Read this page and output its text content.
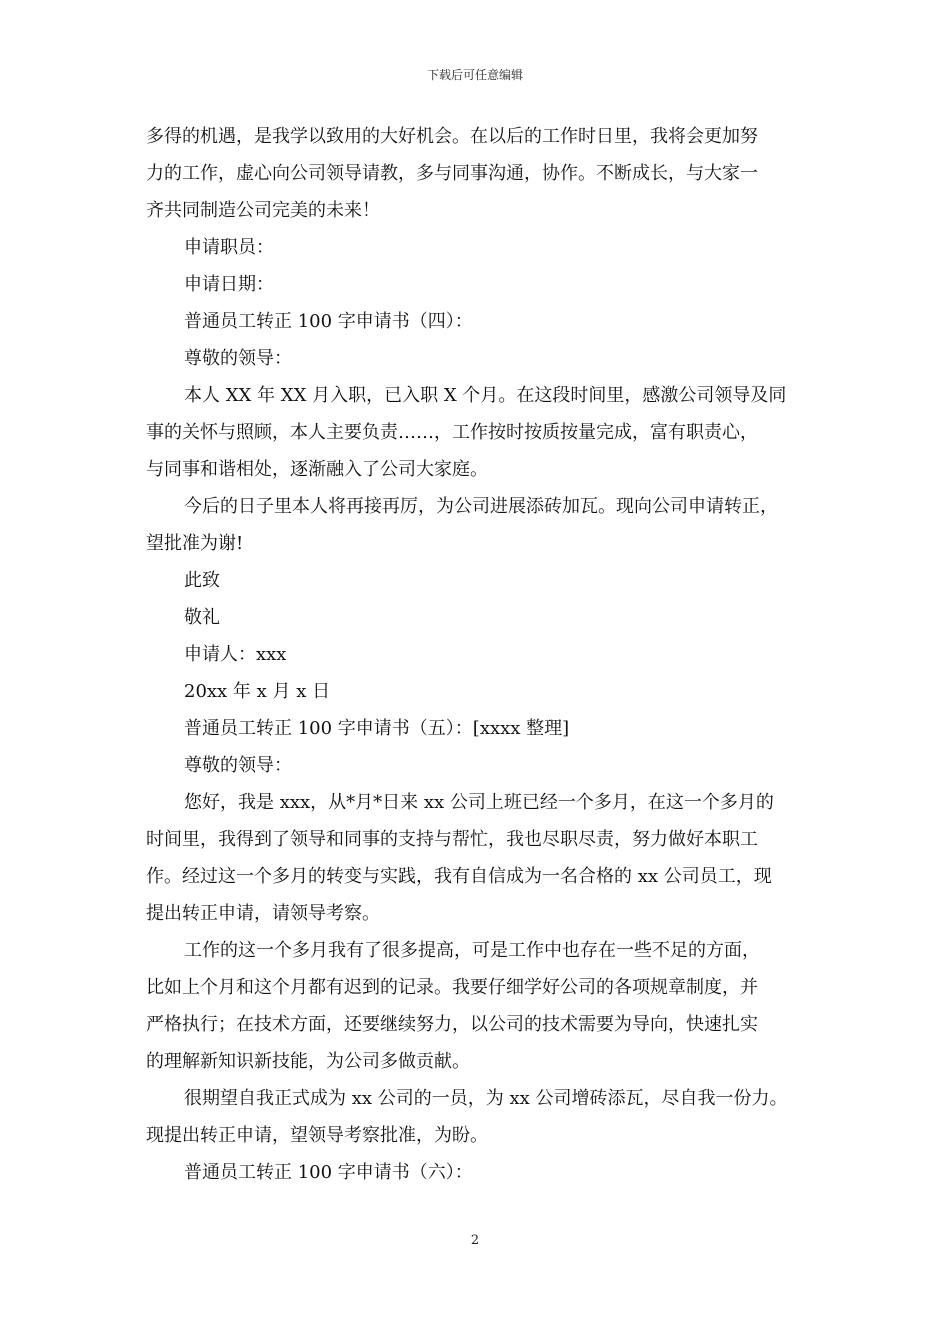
下载后可任意编辑
多得的机遇，是我学以致用的大好机会。在以后的工作时日里，我将会更加努
力的工作，虚心向公司领导请教，多与同事沟通，协作。不断成长，与大家一
齐共同制造公司完美的未来！
申请职员：
申请日期：
普通员工转正 100 字申请书（四）：
尊敬的领导：
本人 XX 年 XX 月入职，已入职 X 个月。在这段时间里，感激公司领导及同
事的关怀与照顾，本人主要负责……，工作按时按质按量完成，富有职责心，
与同事和谐相处，逐渐融入了公司大家庭。
今后的日子里本人将再接再厉，为公司进展添砖加瓦。现向公司申请转正，
望批准为谢!
此致
敬礼
申请人：xxx
20xx 年 x 月 x 日
普通员工转正 100 字申请书（五）：[xxxx 整理]
尊敬的领导：
您好，我是 xxx，从*月*日来 xx 公司上班已经一个多月，在这一个多月的
时间里，我得到了领导和同事的支持与帮忙，我也尽职尽责，努力做好本职工
作。经过这一个多月的转变与实践，我有自信成为一名合格的 xx 公司员工，现
提出转正申请，请领导考察。
工作的这一个多月我有了很多提高，可是工作中也存在一些不足的方面，
比如上个月和这个月都有迟到的记录。我要仔细学好公司的各项规章制度，并
严格执行；在技术方面，还要继续努力，以公司的技术需要为导向，快速扎实
的理解新知识新技能，为公司多做贡献。
很期望自我正式成为 xx 公司的一员，为 xx 公司增砖添瓦，尽自我一份力。
现提出转正申请，望领导考察批准，为盼。
普通员工转正 100 字申请书（六）：
2
